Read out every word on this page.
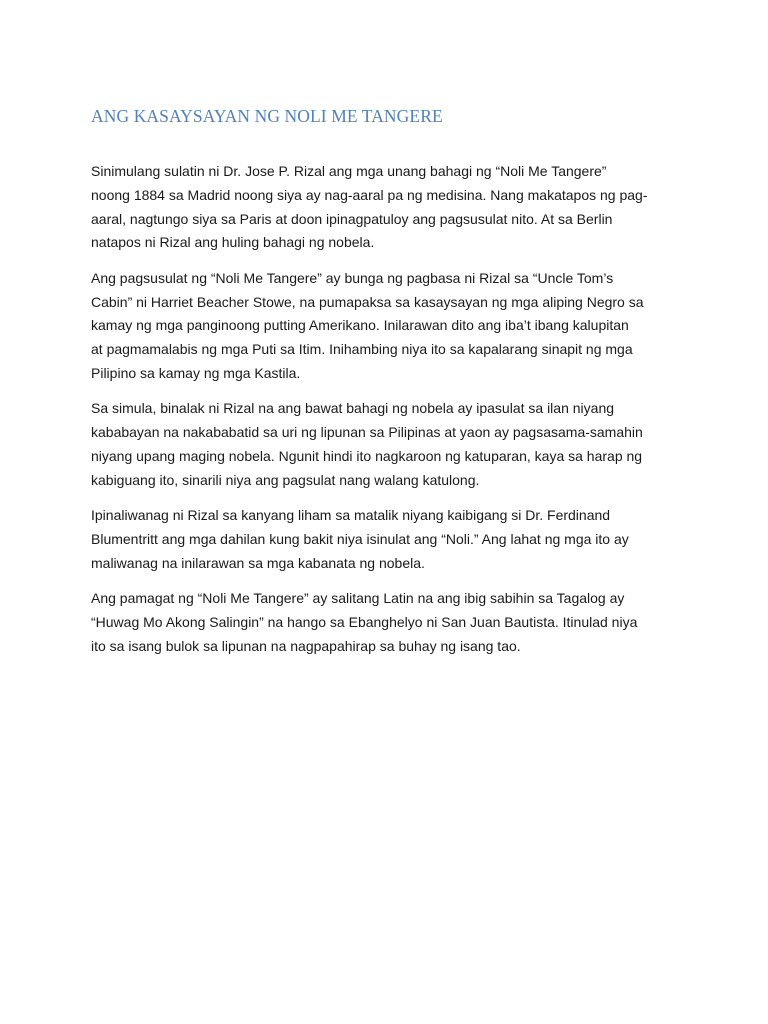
ANG KASAYSAYAN NG NOLI ME TANGERE

Sinimulang sulatin ni Dr. Jose P. Rizal ang mga unang bahagi ng “Noli Me Tangere”
noong 1884 sa Madrid noong siya ay nag-aaral pa ng medisina. Nang makatapos ng pag-
aaral, nagtungo siya sa Paris at doon ipinagpatuloy ang pagsusulat nito. At sa Berlin
natapos ni Rizal ang huling bahagi ng nobela.

Ang pagsusulat ng “Noli Me Tangere” ay bunga ng pagbasa ni Rizal sa “Uncle Tom’s
Cabin” ni Harriet Beacher Stowe, na pumapaksa sa kasaysayan ng mga aliping Negro sa
kamay ng mga panginoong putting Amerikano. Inilarawan dito ang iba’t ibang kalupitan
at pagmamalabis ng mga Puti sa Itim. Inihambing niya ito sa kapalarang sinapit ng mga
Pilipino sa kamay ng mga Kastila.

Sa simula, binalak ni Rizal na ang bawat bahagi ng nobela ay ipasulat sa ilan niyang
kababayan na nakababatid sa uri ng lipunan sa Pilipinas at yaon ay pagsasama-samahin
niyang upang maging nobela. Ngunit hindi ito nagkaroon ng katuparan, kaya sa harap ng
kabiguang ito, sinarili niya ang pagsulat nang walang katulong.

Ipinaliwanag ni Rizal sa kanyang liham sa matalik niyang kaibigang si Dr. Ferdinand
Blumentritt ang mga dahilan kung bakit niya isinulat ang “Noli.” Ang lahat ng mga ito ay
maliwanag na inilarawan sa mga kabanata ng nobela.

Ang pamagat ng “Noli Me Tangere” ay salitang Latin na ang ibig sabihin sa Tagalog ay
“Huwag Mo Akong Salingin” na hango sa Ebanghelyo ni San Juan Bautista. Itinulad niya
ito sa isang bulok sa lipunan na nagpapahirap sa buhay ng isang tao.
